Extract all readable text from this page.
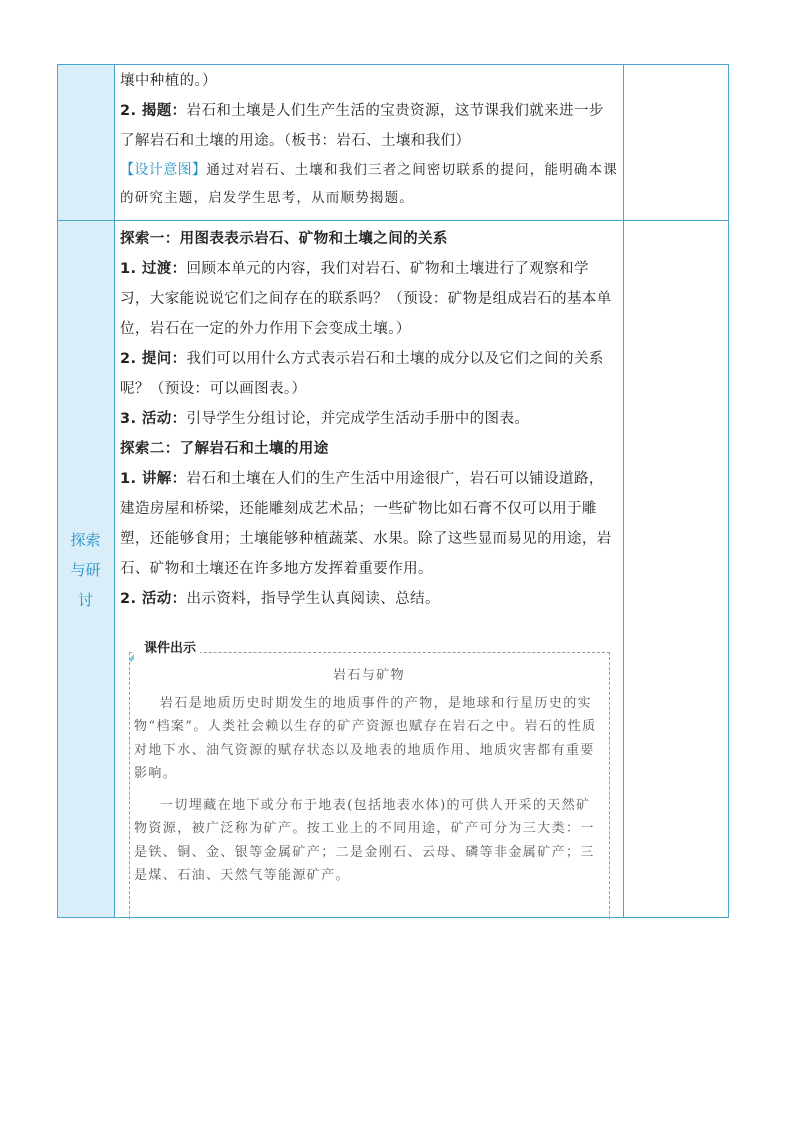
壤中种植的。）

2. 揭题：岩石和土壤是人们生产生活的宝贵资源，这节课我们就来进一步了解岩石和土壤的用途。（板书：岩石、土壤和我们）

【设计意图】通过对岩石、土壤和我们三者之间密切联系的提问，能明确本课的研究主题，启发学生思考，从而顺势揭题。

探索
与研
讨

探索一：用图表表示岩石、矿物和土壤之间的关系

1. 过渡：回顾本单元的内容，我们对岩石、矿物和土壤进行了观察和学习，大家能说说它们之间存在的联系吗？（预设：矿物是组成岩石的基本单位，岩石在一定的外力作用下会变成土壤。）

2. 提问：我们可以用什么方式表示岩石和土壤的成分以及它们之间的关系呢？（预设：可以画图表。）

3. 活动：引导学生分组讨论，并完成学生活动手册中的图表。

探索二：了解岩石和土壤的用途

1. 讲解：岩石和土壤在人们的生产生活中用途很广，岩石可以铺设道路，建造房屋和桥梁，还能雕刻成艺术品；一些矿物比如石膏不仅可以用于雕塑，还能够食用；土壤能够种植蔬菜、水果。除了这些显而易见的用途，岩石、矿物和土壤还在许多地方发挥着重要作用。

2. 活动：出示资料，指导学生认真阅读、总结。

课件出示

岩石与矿物

岩石是地质历史时期发生的地质事件的产物，是地球和行星历史的实物“档案”。人类社会赖以生存的矿产资源也赋存在岩石之中。岩石的性质对地下水、油气资源的赋存状态以及地表的地质作用、地质灾害都有重要影响。

一切埋藏在地下或分布于地表(包括地表水体)的可供人开采的天然矿物资源，被广泛称为矿产。按工业上的不同用途，矿产可分为三大类：一是铁、铜、金、银等金属矿产；二是金刚石、云母、磷等非金属矿产；三是煤、石油、天然气等能源矿产。
